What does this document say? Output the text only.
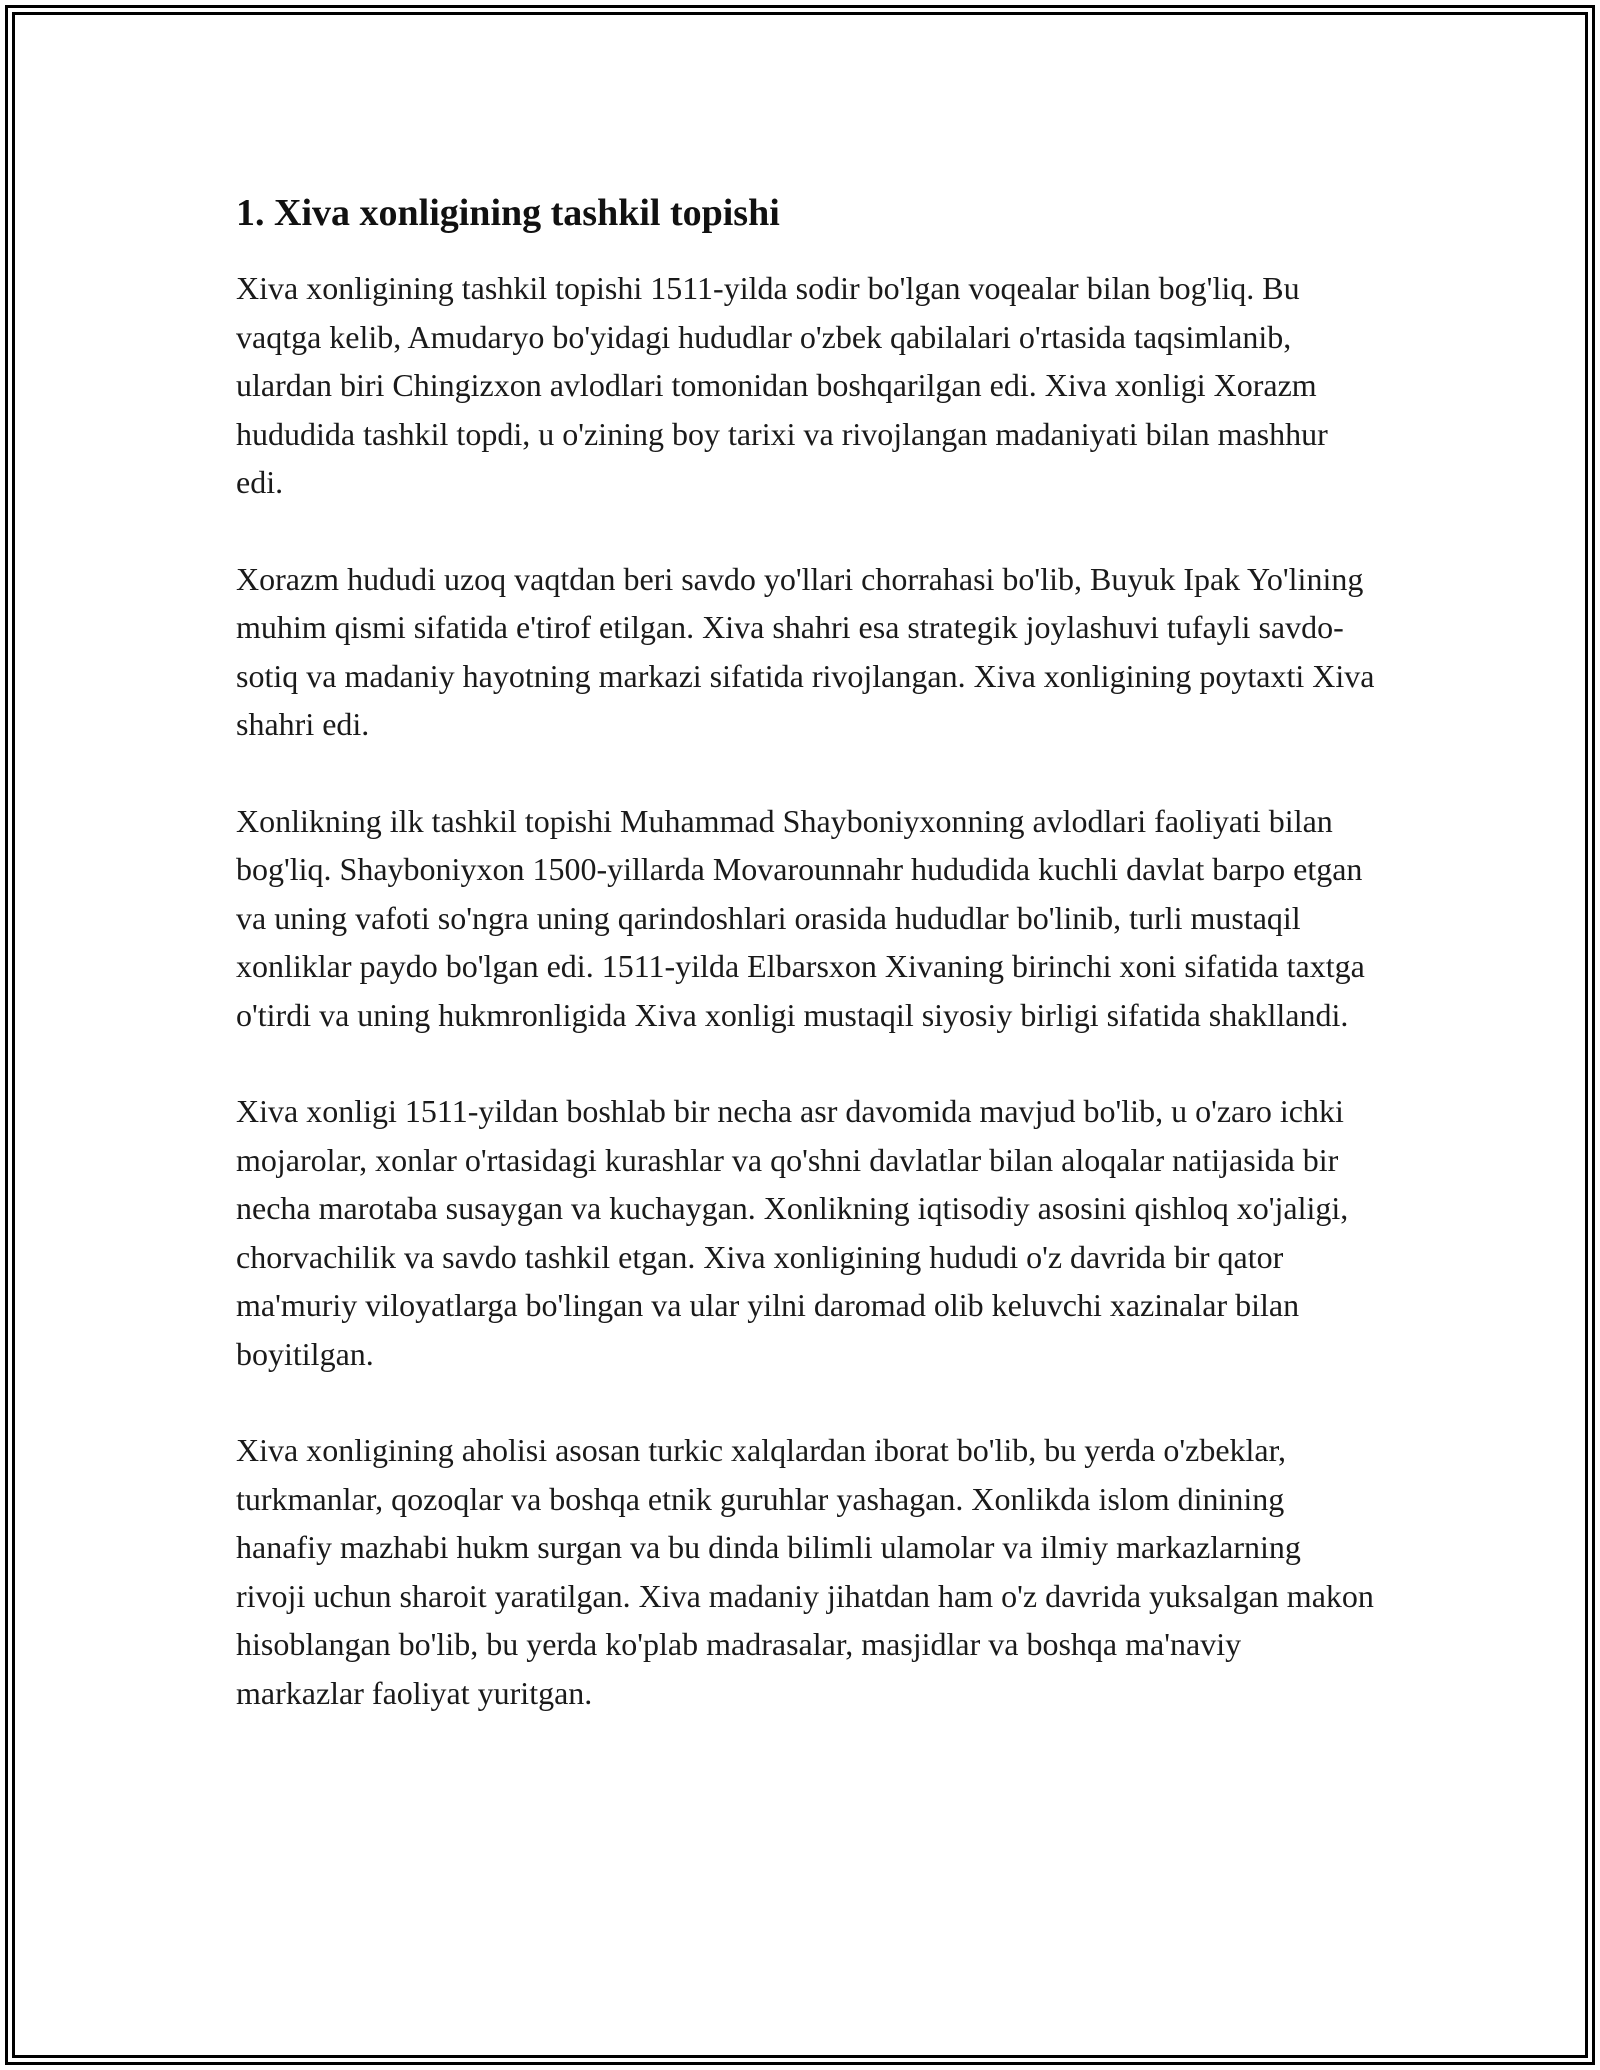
1. Xiva xonligining tashkil topishi

Xiva xonligining tashkil topishi 1511-yilda sodir bo'lgan voqealar bilan bog'liq. Bu vaqtga kelib, Amudaryo bo'yidagi hududlar o'zbek qabilalari o'rtasida taqsimlanib, ulardan biri Chingizxon avlodlari tomonidan boshqarilgan edi. Xiva xonligi Xorazm hududida tashkil topdi, u o'zining boy tarixi va rivojlangan madaniyati bilan mashhur edi.

Xorazm hududi uzoq vaqtdan beri savdo yo'llari chorrahasi bo'lib, Buyuk Ipak Yo'lining muhim qismi sifatida e'tirof etilgan. Xiva shahri esa strategik joylashuvi tufayli savdo-sotiq va madaniy hayotning markazi sifatida rivojlangan. Xiva xonligining poytaxti Xiva shahri edi.

Xonlikning ilk tashkil topishi Muhammad Shayboniyxonning avlodlari faoliyati bilan bog'liq. Shayboniyxon 1500-yillarda Movarounnahr hududida kuchli davlat barpo etgan va uning vafoti so'ngra uning qarindoshlari orasida hududlar bo'linib, turli mustaqil xonliklar paydo bo'lgan edi. 1511-yilda Elbarsxon Xivaning birinchi xoni sifatida taxtga o'tirdi va uning hukmronligida Xiva xonligi mustaqil siyosiy birligi sifatida shakllandi.

Xiva xonligi 1511-yildan boshlab bir necha asr davomida mavjud bo'lib, u o'zaro ichki mojarolar, xonlar o'rtasidagi kurashlar va qo'shni davlatlar bilan aloqalar natijasida bir necha marotaba susaygan va kuchaygan. Xonlikning iqtisodiy asosini qishloq xo'jaligi, chorvachilik va savdo tashkil etgan. Xiva xonligining hududi o'z davrida bir qator ma'muriy viloyatlarga bo'lingan va ular yilni daromad olib keluvchi xazinalar bilan boyitilgan.

Xiva xonligining aholisi asosan turkic xalqlardan iborat bo'lib, bu yerda o'zbeklar, turkmanlar, qozoqlar va boshqa etnik guruhlar yashagan. Xonlikda islom dinining hanafiy mazhabi hukm surgan va bu dinda bilimli ulamolar va ilmiy markazlarning rivoji uchun sharoit yaratilgan. Xiva madaniy jihatdan ham o'z davrida yuksalgan makon hisoblangan bo'lib, bu yerda ko'plab madrasalar, masjidlar va boshqa ma'naviy markazlar faoliyat yuritgan.
